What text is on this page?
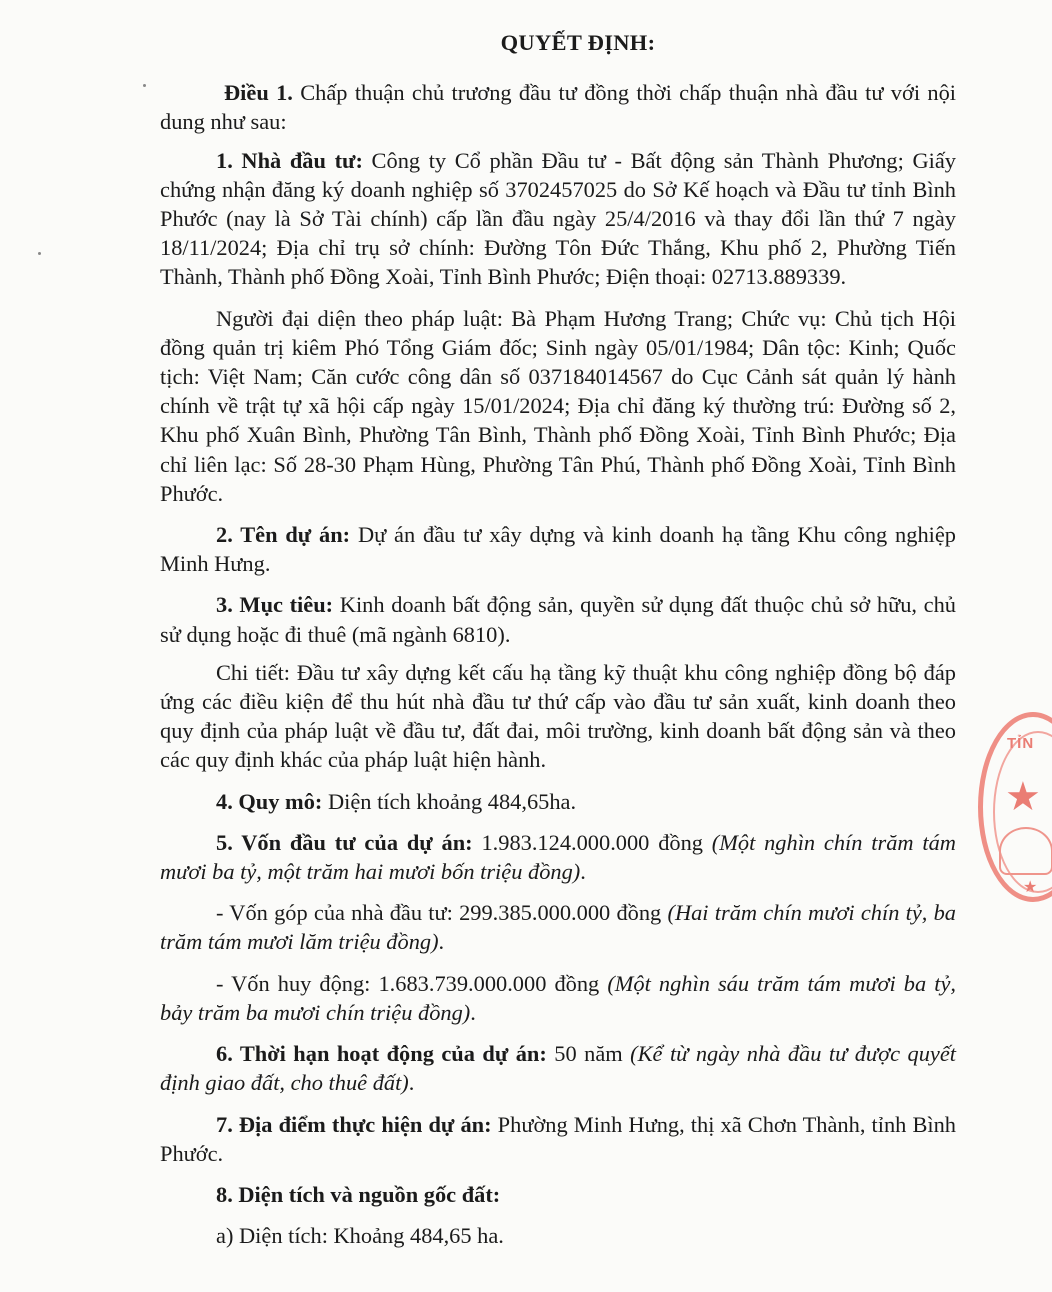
QUYẾT ĐỊNH:

Điều 1. Chấp thuận chủ trương đầu tư đồng thời chấp thuận nhà đầu tư với nội dung như sau:

1. Nhà đầu tư: Công ty Cổ phần Đầu tư - Bất động sản Thành Phương; Giấy chứng nhận đăng ký doanh nghiệp số 3702457025 do Sở Kế hoạch và Đầu tư tỉnh Bình Phước (nay là Sở Tài chính) cấp lần đầu ngày 25/4/2016 và thay đổi lần thứ 7 ngày 18/11/2024; Địa chỉ trụ sở chính: Đường Tôn Đức Thắng, Khu phố 2, Phường Tiến Thành, Thành phố Đồng Xoài, Tỉnh Bình Phước; Điện thoại: 02713.889339.

Người đại diện theo pháp luật: Bà Phạm Hương Trang; Chức vụ: Chủ tịch Hội đồng quản trị kiêm Phó Tổng Giám đốc; Sinh ngày 05/01/1984; Dân tộc: Kinh; Quốc tịch: Việt Nam; Căn cước công dân số 037184014567 do Cục Cảnh sát quản lý hành chính về trật tự xã hội cấp ngày 15/01/2024; Địa chỉ đăng ký thường trú: Đường số 2, Khu phố Xuân Bình, Phường Tân Bình, Thành phố Đồng Xoài, Tỉnh Bình Phước; Địa chỉ liên lạc: Số 28-30 Phạm Hùng, Phường Tân Phú, Thành phố Đồng Xoài, Tỉnh Bình Phước.

2. Tên dự án: Dự án đầu tư xây dựng và kinh doanh hạ tầng Khu công nghiệp Minh Hưng.

3. Mục tiêu: Kinh doanh bất động sản, quyền sử dụng đất thuộc chủ sở hữu, chủ sử dụng hoặc đi thuê (mã ngành 6810).

Chi tiết: Đầu tư xây dựng kết cấu hạ tầng kỹ thuật khu công nghiệp đồng bộ đáp ứng các điều kiện để thu hút nhà đầu tư thứ cấp vào đầu tư sản xuất, kinh doanh theo quy định của pháp luật về đầu tư, đất đai, môi trường, kinh doanh bất động sản và theo các quy định khác của pháp luật hiện hành.

4. Quy mô: Diện tích khoảng 484,65ha.

5. Vốn đầu tư của dự án: 1.983.124.000.000 đồng (Một nghìn chín trăm tám mươi ba tỷ, một trăm hai mươi bốn triệu đồng).

- Vốn góp của nhà đầu tư: 299.385.000.000 đồng (Hai trăm chín mươi chín tỷ, ba trăm tám mươi lăm triệu đồng).

- Vốn huy động: 1.683.739.000.000 đồng (Một nghìn sáu trăm tám mươi ba tỷ, bảy trăm ba mươi chín triệu đồng).

6. Thời hạn hoạt động của dự án: 50 năm (Kể từ ngày nhà đầu tư được quyết định giao đất, cho thuê đất).

7. Địa điểm thực hiện dự án: Phường Minh Hưng, thị xã Chơn Thành, tỉnh Bình Phước.

8. Diện tích và nguồn gốc đất:

a) Diện tích: Khoảng 484,65 ha.

TỈN
★
★
